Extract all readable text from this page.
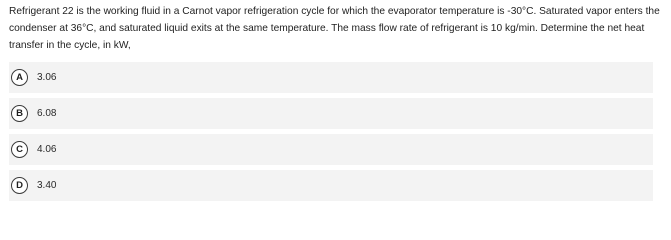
Refrigerant 22 is the working fluid in a Carnot vapor refrigeration cycle for which the evaporator temperature is -30°C. Saturated vapor enters the condenser at 36°C, and saturated liquid exits at the same temperature. The mass flow rate of refrigerant is 10 kg/min. Determine the net heat transfer in the cycle, in kW,

A	3.06
B	6.08
C	4.06
D	3.40
